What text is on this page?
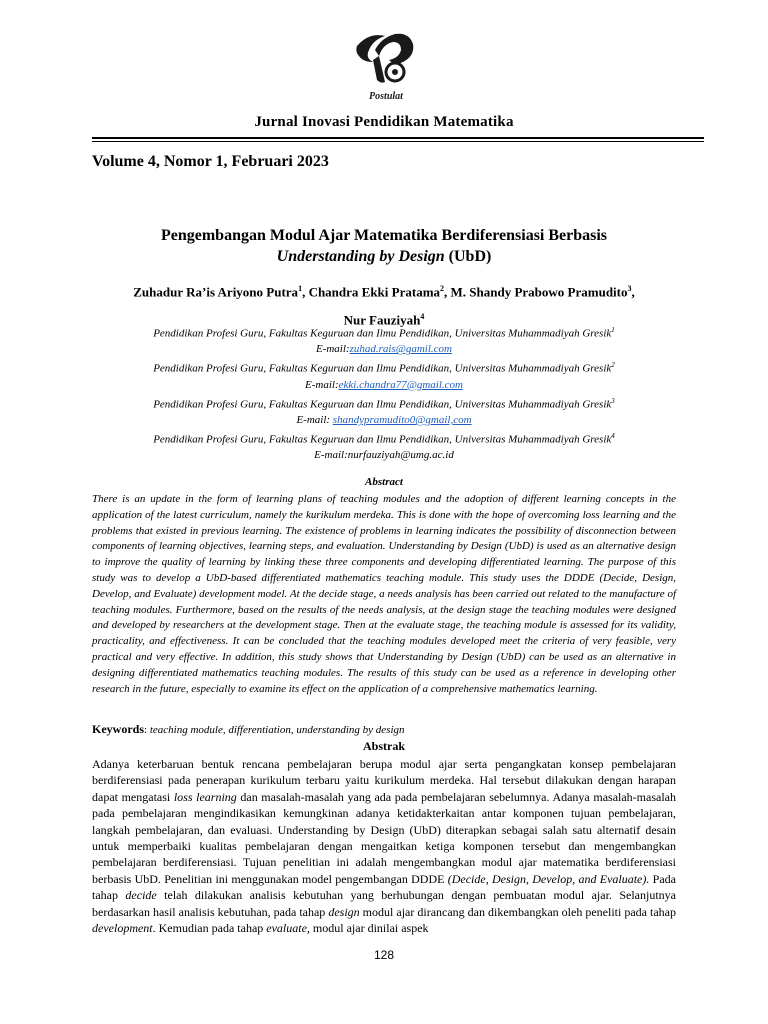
Postulat
Jurnal Inovasi Pendidikan Matematika
Volume 4, Nomor 1, Februari 2023
Pengembangan Modul Ajar Matematika Berdiferensiasi Berbasis
Understanding by Design (UbD)
Zuhadur Ra’is Ariyono Putra$^1$, Chandra Ekki Pratama$^2$, M. Shandy Prabowo Pramudito$^3$,
Nur Fauziyah$^4$
Pendidikan Profesi Guru, Fakultas Keguruan dan Ilmu Pendidikan, Universitas Muhammadiyah Gresik$^1$
E-mail:zuhad.rais@gamil.com
Pendidikan Profesi Guru, Fakultas Keguruan dan Ilmu Pendidikan, Universitas Muhammadiyah Gresik$^2$
E-mail:ekki.chandra77@gmail.com
Pendidikan Profesi Guru, Fakultas Keguruan dan Ilmu Pendidikan, Universitas Muhammadiyah Gresik$^3$
E-mail: shandypramudito0@gmail,com
Pendidikan Profesi Guru, Fakultas Keguruan dan Ilmu Pendidikan, Universitas Muhammadiyah Gresik$^4$
E-mail:nurfauziyah@umg.ac.id
Abstract
There is an update in the form of learning plans of teaching modules and the adoption of different learning concepts in the application of the latest curriculum, namely the kurikulum merdeka. This is done with the hope of overcoming loss learning and the problems that existed in previous learning. The existence of problems in learning indicates the possibility of disconnection between components of learning objectives, learning steps, and evaluation. Understanding by Design (UbD) is used as an alternative design to improve the quality of learning by linking these three components and developing differentiated learning. The purpose of this study was to develop a UbD-based differentiated mathematics teaching module. This study uses the DDDE (Decide, Design, Develop, and Evaluate) development model. At the decide stage, a needs analysis has been carried out related to the manufacture of teaching modules. Furthermore, based on the results of the needs analysis, at the design stage the teaching modules were designed and developed by researchers at the development stage. Then at the evaluate stage, the teaching module is assessed for its validity, practicality, and effectiveness. It can be concluded that the teaching modules developed meet the criteria of very feasible, very practical and very effective. In addition, this study shows that Understanding by Design (UbD) can be used as an alternative in designing differentiated mathematics teaching modules. The results of this study can be used as a reference in developing other research in the future, especially to examine its effect on the application of a comprehensive mathematics learning.
Keywords: teaching module, differentiation, understanding by design
Abstrak
Adanya keterbaruan bentuk rencana pembelajaran berupa modul ajar serta pengangkatan konsep pembelajaran berdiferensiasi pada penerapan kurikulum terbaru yaitu kurikulum merdeka. Hal tersebut dilakukan dengan harapan dapat mengatasi loss learning dan masalah-masalah yang ada pada pembelajaran sebelumnya. Adanya masalah-masalah pada pembelajaran mengindikasikan kemungkinan adanya ketidakterkaitan antar komponen tujuan pembelajaran, langkah pembelajaran, dan evaluasi. Understanding by Design (UbD) diterapkan sebagai salah satu alternatif desain untuk memperbaiki kualitas pembelajaran dengan mengaitkan ketiga komponen tersebut dan mengembangkan pembelajaran berdiferensiasi. Tujuan penelitian ini adalah mengembangkan modul ajar matematika berdiferensiasi berbasis UbD. Penelitian ini menggunakan model pengembangan DDDE (Decide, Design, Develop, and Evaluate). Pada tahap decide telah dilakukan analisis kebutuhan yang berhubungan dengan pembuatan modul ajar. Selanjutnya berdasarkan hasil analisis kebutuhan, pada tahap design modul ajar dirancang dan dikembangkan oleh peneliti pada tahap development. Kemudian pada tahap evaluate, modul ajar dinilai aspek
128
